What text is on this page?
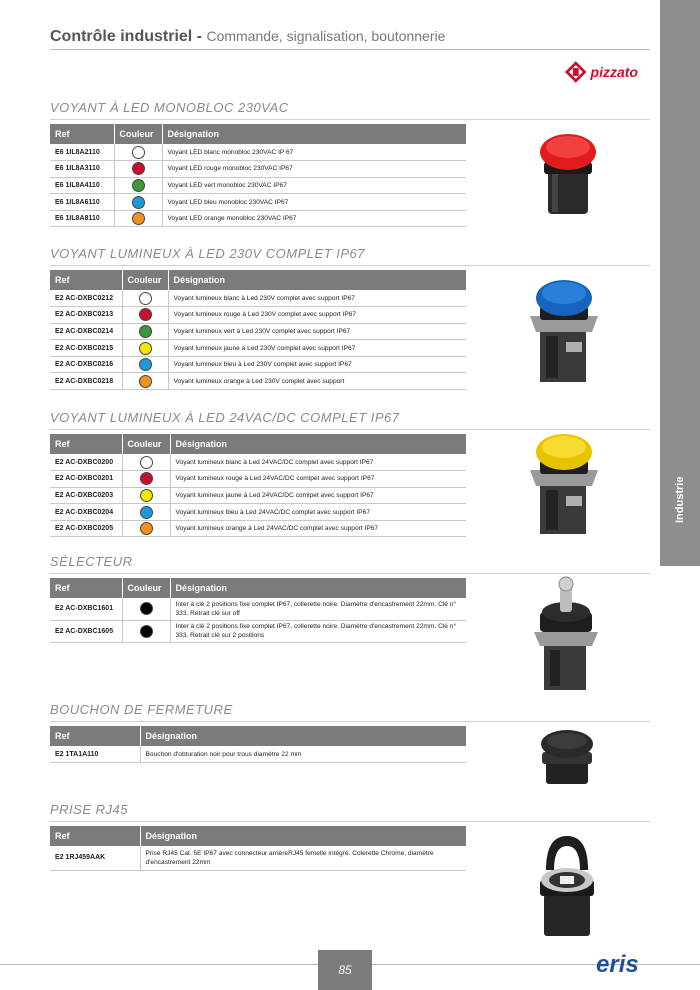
Contrôle industriel - Commande, signalisation, boutonnerie
Industrie
pizzato
VOYANT À LED MONOBLOC 230VAC
Ref	Couleur	Désignation
E6 1IL8A2110		Voyant LED blanc monobloc 230VAC IP 67
E6 1IL8A3110		Voyant LED rouge monobloc 230VAC IP67
E6 1IL8A4110		Voyant LED vert monobloc 230VAC IP67
E6 1IL8A6110		Voyant LED bleu monobloc 230VAC IP67
E6 1IL8A8110		Voyant LED orange monobloc 230VAC IP67
VOYANT LUMINEUX À LED 230V COMPLET IP67
Ref	Couleur	Désignation
E2 AC-DXBC0212		Voyant lumineux blanc à Led 230V complet avec support IP67
E2 AC-DXBC0213		Voyant lumineux rouge à Led 230V complet avec support IP67
E2 AC-DXBC0214		Voyant lumineux vert à Led 230V complet avec support IP67
E2 AC-DXBC0215		Voyant lumineux jaune à Led 230V complet avec support IP67
E2 AC-DXBC0216		Voyant lumineux bleu à Led 230V complet avec support IP67
E2 AC-DXBC0218		Voyant lumineux orange à Led 230V complet avec support
VOYANT LUMINEUX À LED 24VAC/DC COMPLET IP67
Ref	Couleur	Désignation
E2 AC-DXBC0200		Voyant lumineux blanc à Led 24VAC/DC complet avec support IP67
E2 AC-DXBC0201		Voyant lumineux rouge à Led 24VAC/DC comlpet avec support IP67
E2 AC-DXBC0203		Voyant lumineux jaune à Led 24VAC/DC comlpet avec support IP67
E2 AC-DXBC0204		Voyant lumineux bleu à Led 24VAC/DC complet avec support IP67
E2 AC-DXBC0205		Voyant lumineux orange à Led 24VAC/DC complet avec support IP67
SÉLECTEUR
Ref	Couleur	Désignation
E2 AC-DXBC1601		Inter à clé 2 positions fixe complet IP67, collerette noire. Diamètre d'encastrement 22mm. Clé n° 333. Retrait clé sur off
E2 AC-DXBC1605		Inter à clé 2 positions fixe complet IP67, collerette noire. Diamètre d'encastrement 22mm. Clé n° 333. Retrait clé sur 2 positions
BOUCHON DE FERMETURE
Ref	Désignation
E2 1TA1A110	Bouchon d'obturation noir pour trous diamètre 22 mm
PRISE RJ45
Ref	Désignation
E2 1RJ459AAK	Prise RJ45 Cat. 5E IP67 avec connecteur arrièreRJ45 femelle intégré. Colerette Chrome, diamètre d'encastrement 22mm
85	eris
